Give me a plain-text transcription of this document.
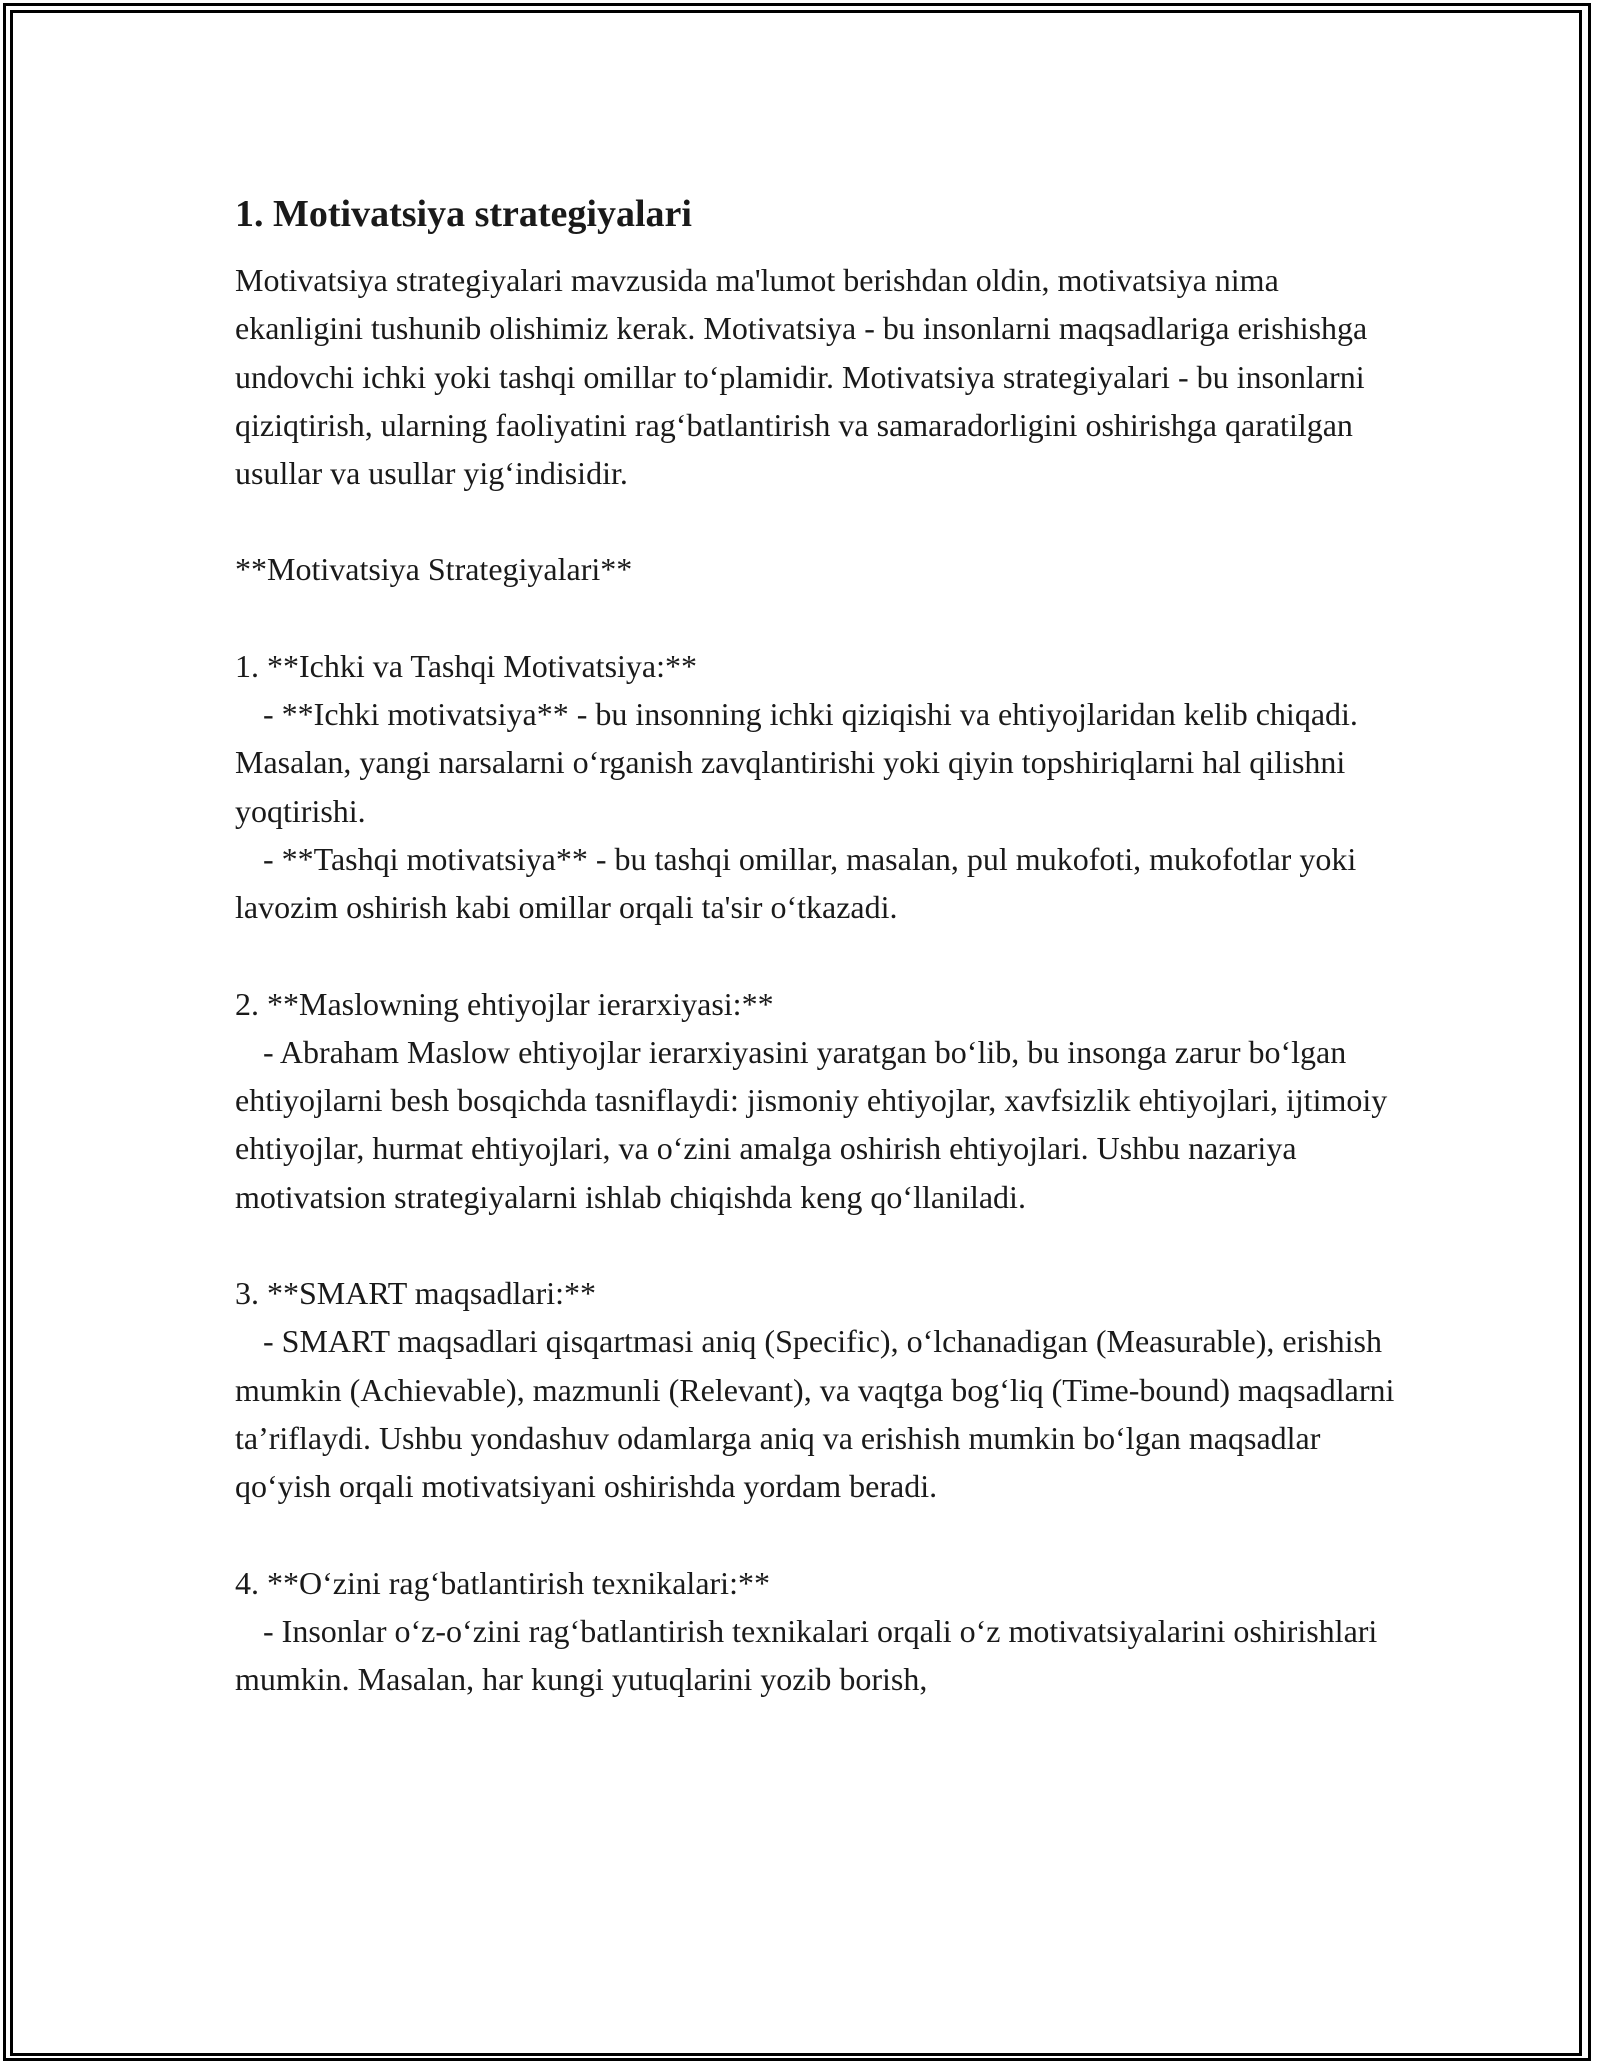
1. Motivatsiya strategiyalari

Motivatsiya strategiyalari mavzusida ma'lumot berishdan oldin, motivatsiya nima ekanligini tushunib olishimiz kerak. Motivatsiya - bu insonlarni maqsadlariga erishishga undovchi ichki yoki tashqi omillar to‘plamidir. Motivatsiya strategiyalari - bu insonlarni qiziqtirish, ularning faoliyatini rag‘batlantirish va samaradorligini oshirishga qaratilgan usullar va usullar yig‘indisidir.

**Motivatsiya Strategiyalari**

1. **Ichki va Tashqi Motivatsiya:**

- **Ichki motivatsiya** - bu insonning ichki qiziqishi va ehtiyojlaridan kelib chiqadi. Masalan, yangi narsalarni o‘rganish zavqlantirishi yoki qiyin topshiriqlarni hal qilishni yoqtirishi.

- **Tashqi motivatsiya** - bu tashqi omillar, masalan, pul mukofoti, mukofotlar yoki lavozim oshirish kabi omillar orqali ta'sir o‘tkazadi.

2. **Maslowning ehtiyojlar ierarxiyasi:**

- Abraham Maslow ehtiyojlar ierarxiyasini yaratgan bo‘lib, bu insonga zarur bo‘lgan ehtiyojlarni besh bosqichda tasniflaydi: jismoniy ehtiyojlar, xavfsizlik ehtiyojlari, ijtimoiy ehtiyojlar, hurmat ehtiyojlari, va o‘zini amalga oshirish ehtiyojlari. Ushbu nazariya motivatsion strategiyalarni ishlab chiqishda keng qo‘llaniladi.

3. **SMART maqsadlari:**

- SMART maqsadlari qisqartmasi aniq (Specific), o‘lchanadigan (Measurable), erishish mumkin (Achievable), mazmunli (Relevant), va vaqtga bog‘liq (Time-bound) maqsadlarni ta’riflaydi. Ushbu yondashuv odamlarga aniq va erishish mumkin bo‘lgan maqsadlar qo‘yish orqali motivatsiyani oshirishda yordam beradi.

4. **O‘zini rag‘batlantirish texnikalari:**

- Insonlar o‘z-o‘zini rag‘batlantirish texnikalari orqali o‘z motivatsiyalarini oshirishlari mumkin. Masalan, har kungi yutuqlarini yozib borish,
